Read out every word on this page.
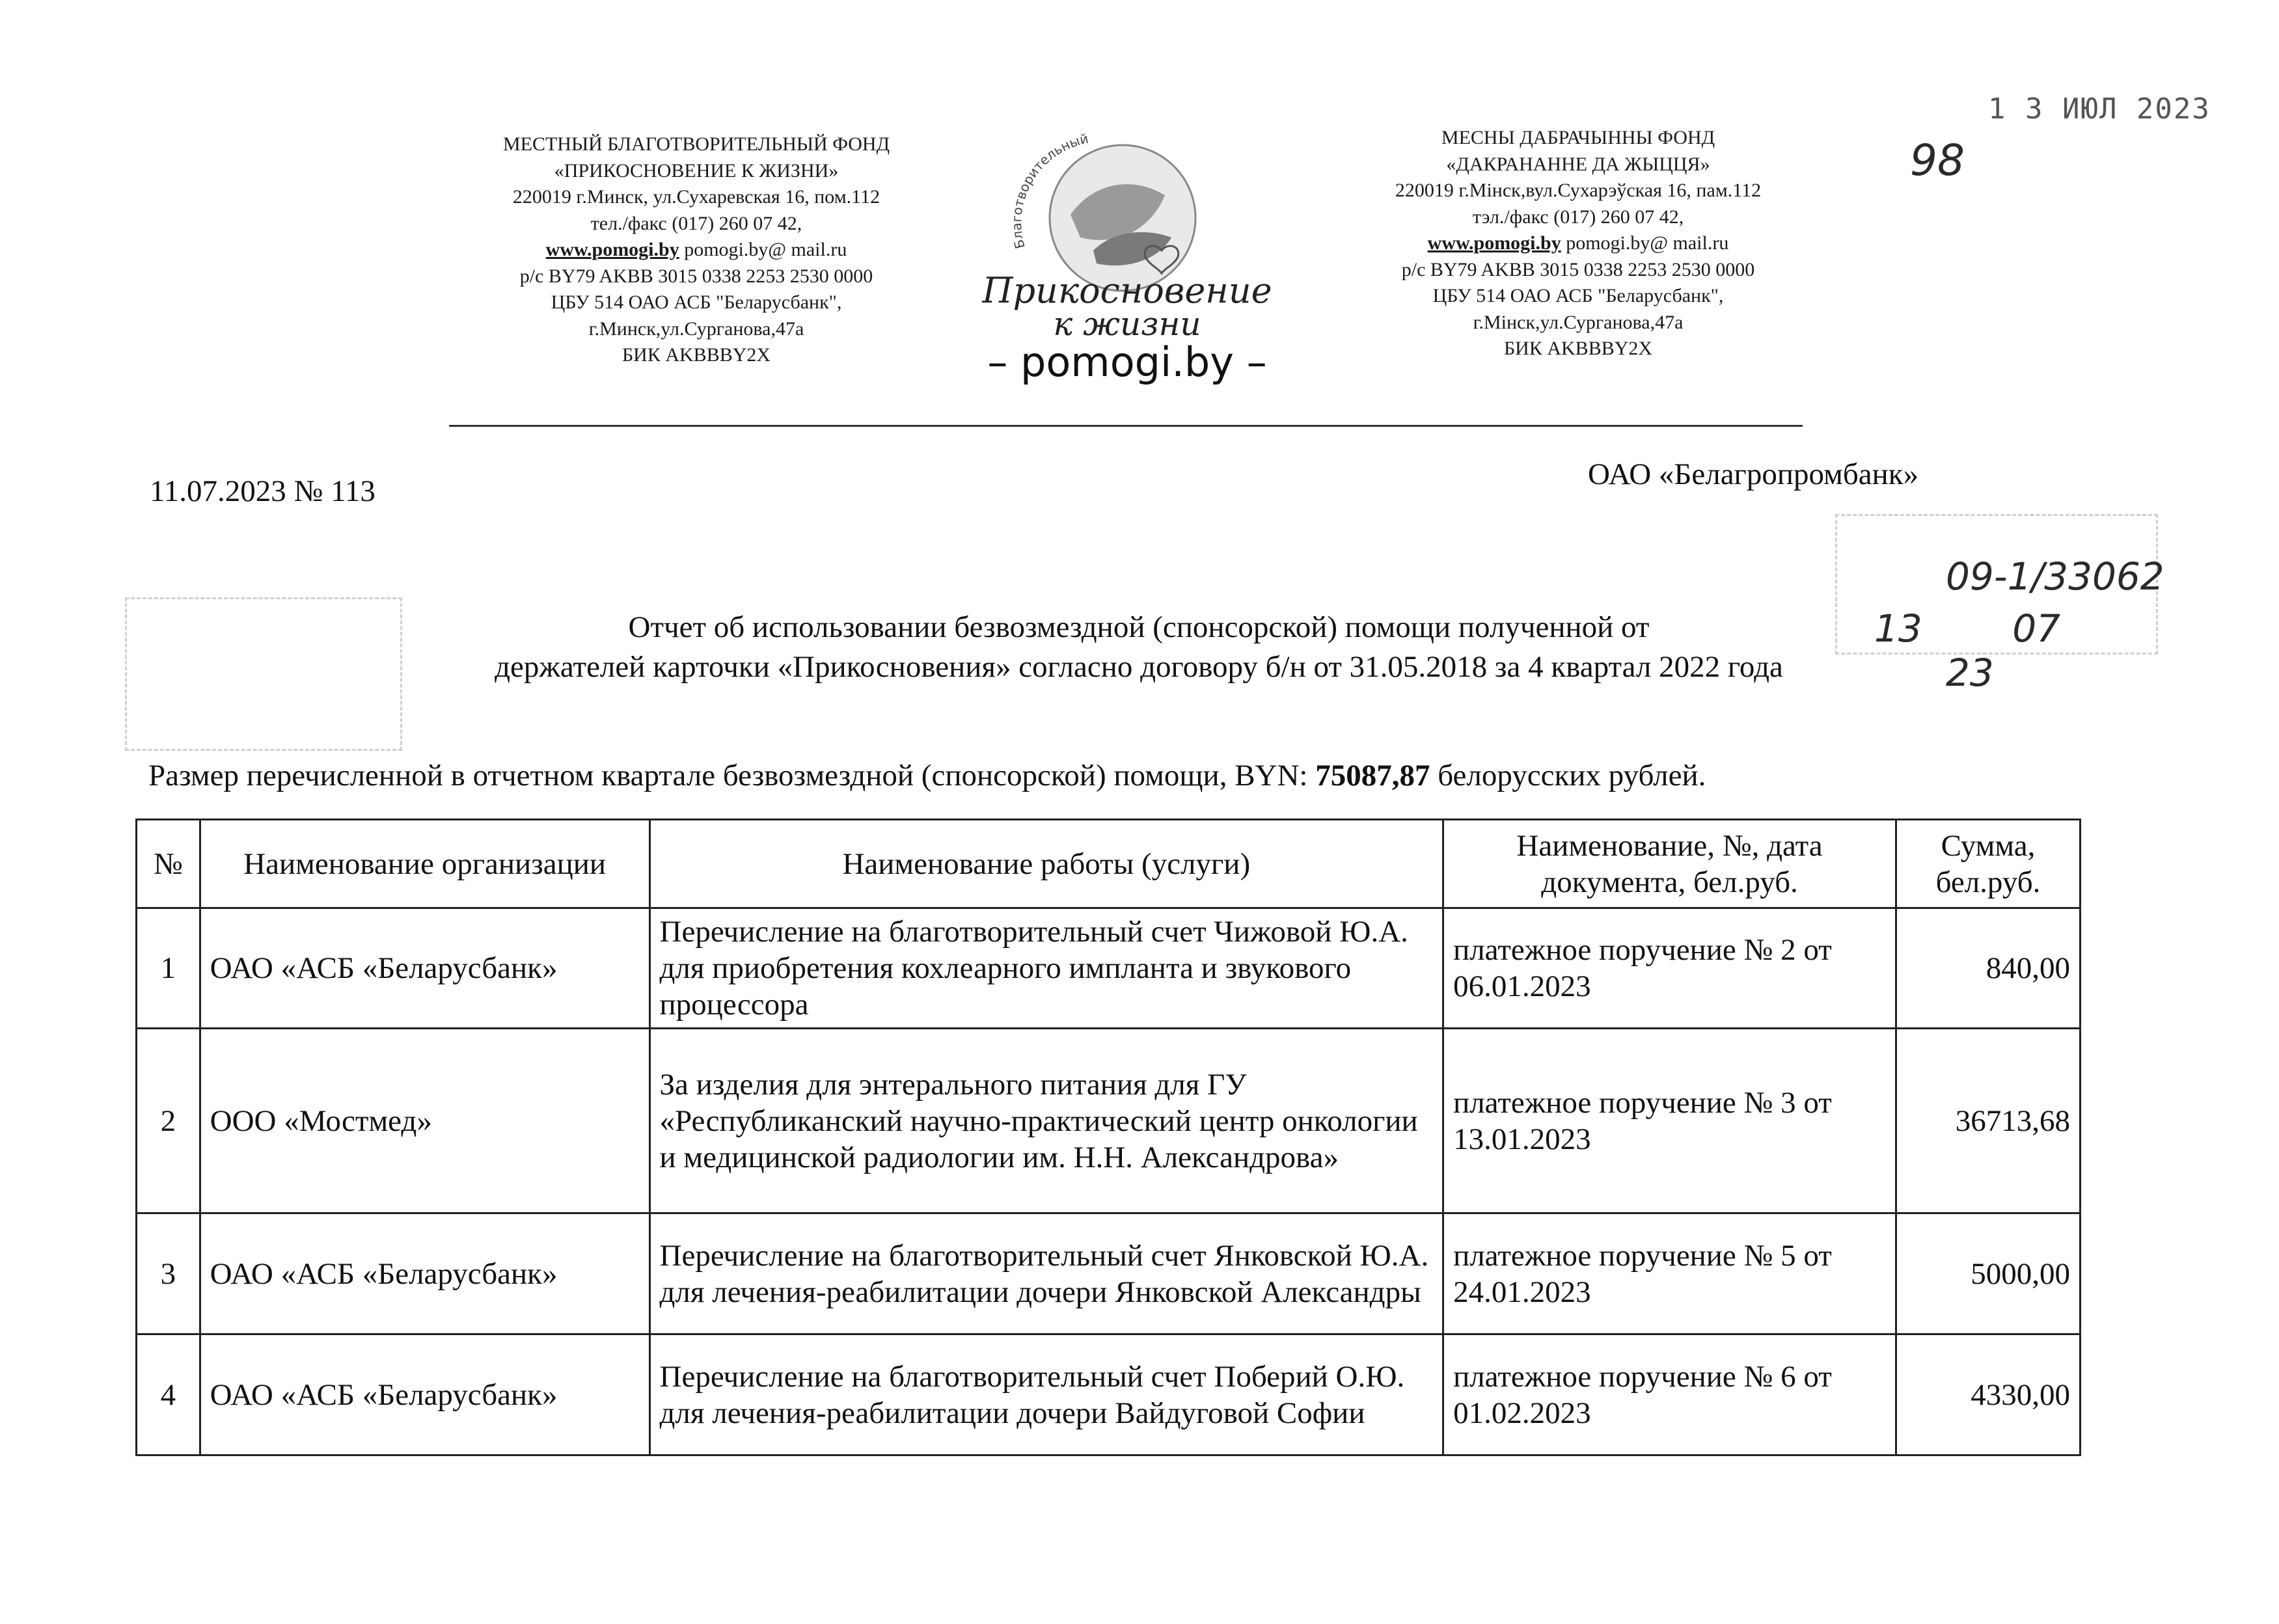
1 3 ИЮЛ 2023
98
МЕСТНЫЙ БЛАГОТВОРИТЕЛЬНЫЙ ФОНД
«ПРИКОСНОВЕНИЕ К ЖИЗНИ»
220019 г.Минск, ул.Сухаревская 16, пом.112
тел./факс (017) 260 07 42,
www.pomogi.by pomogi.by@ mail.ru
р/с BY79 AKBB 3015 0338 2253 2530 0000
ЦБУ 514 ОАО АСБ "Беларусбанк",
г.Минск,ул.Сурганова,47а
БИК AKBBBY2X
Благотворительный
Прикосновение
к жизни
– pomogi.by –
МЕСНЫ ДАБРАЧЫННЫ ФОНД
«ДАКРАНАННЕ ДА ЖЫЦЦЯ»
220019 г.Мінск,вул.Сухарэўская 16, пам.112
тэл./факс (017) 260 07 42,
www.pomogi.by pomogi.by@ mail.ru
р/с BY79 AKBB 3015 0338 2253 2530 0000
ЦБУ 514 ОАО АСБ "Беларусбанк",
г.Мінск,ул.Сурганова,47а
БИК AKBBBY2X
11.07.2023 № 113	ОАО «Белагропромбанк»
09-1/33062
13 07 23
Отчет об использовании безвозмездной (спонсорской) помощи полученной от
держателей карточки «Прикосновения» согласно договору б/н от 31.05.2018 за 4 квартал 2022 года
Размер перечисленной в отчетном квартале безвозмездной (спонсорской) помощи, BYN: 75087,87 белорусских рублей.
№	Наименование организации	Наименование работы (услуги)	Наименование, №, дата документа, бел.руб.	Сумма, бел.руб.
1	ОАО «АСБ «Беларусбанк»	Перечисление на благотворительный счет Чижовой Ю.А. для приобретения кохлеарного импланта и звукового процессора	платежное поручение № 2 от 06.01.2023	840,00
2	ООО «Мостмед»	За изделия для энтерального питания для ГУ «Республиканский научно-практический центр онкологии и медицинской радиологии им. Н.Н. Александрова»	платежное поручение № 3 от 13.01.2023	36713,68
3	ОАО «АСБ «Беларусбанк»	Перечисление на благотворительный счет Янковской Ю.А. для лечения-реабилитации дочери Янковской Александры	платежное поручение № 5 от 24.01.2023	5000,00
4	ОАО «АСБ «Беларусбанк»	Перечисление на благотворительный счет Поберий О.Ю. для лечения-реабилитации дочери Вайдуговой Софии	платежное поручение № 6 от 01.02.2023	4330,00
